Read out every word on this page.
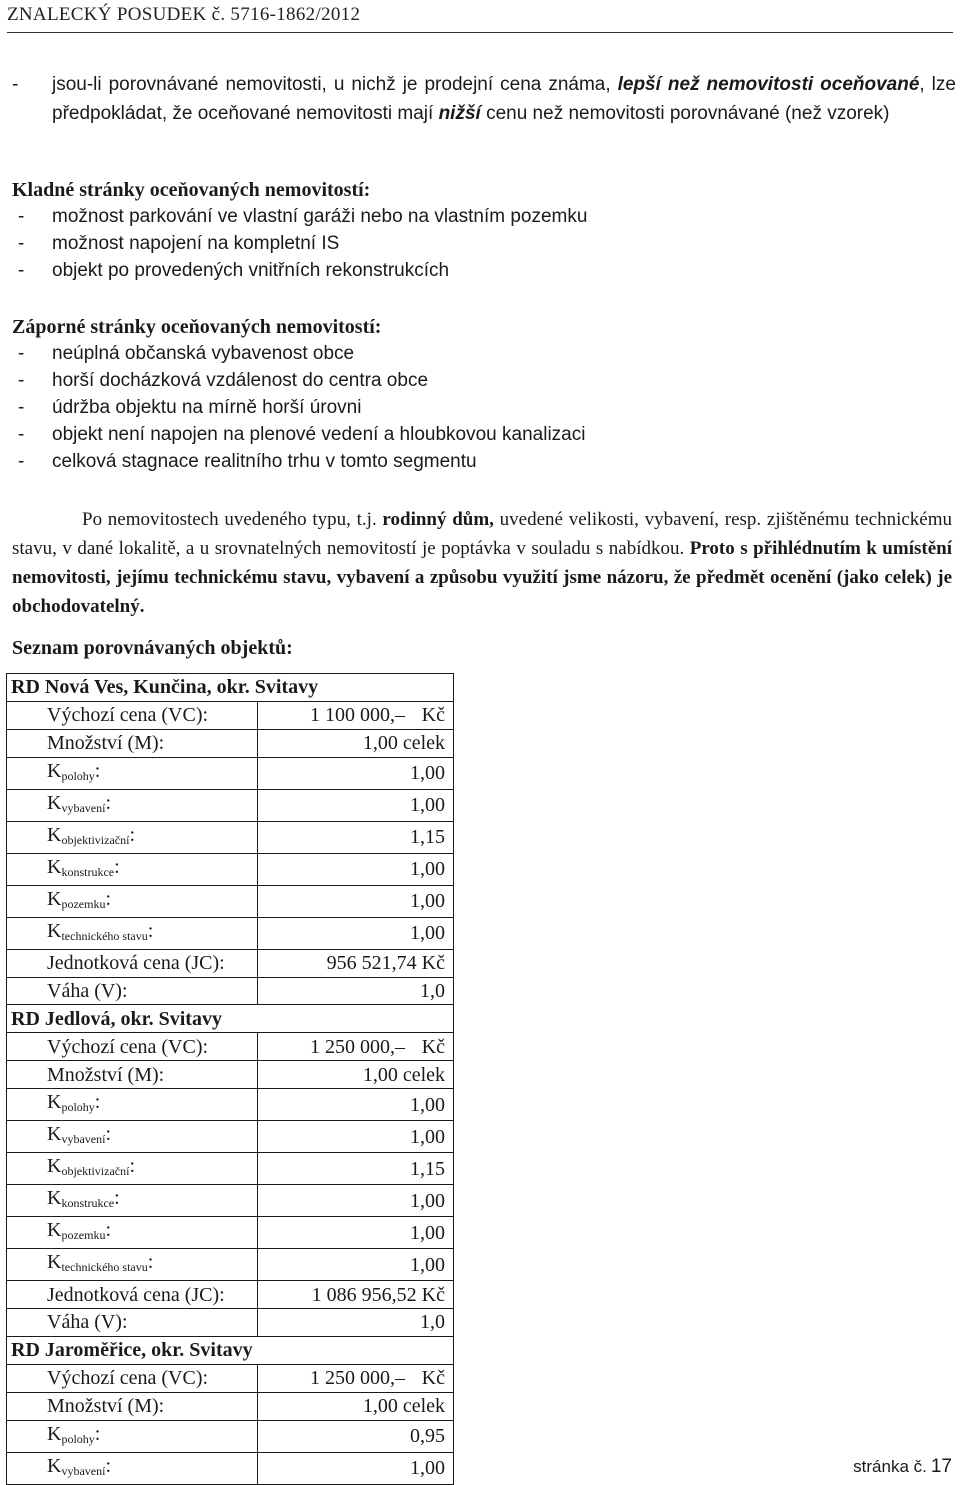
ZNALECKÝ POSUDEK č. 5716-1862/2012
- jsou-li porovnávané nemovitosti, u nichž je prodejní cena známa, lepší než nemovitosti oceňované, lze předpokládat, že oceňované nemovitosti mají nižší cenu než nemovitosti porovnávané (než vzorek)
Kladné stránky oceňovaných nemovitostí:
- možnost parkování ve vlastní garáži nebo na vlastním pozemku
- možnost napojení na kompletní IS
- objekt po provedených vnitřních rekonstrukcích
Záporné stránky oceňovaných nemovitostí:
- neúplná občanská vybavenost obce
- horší docházková vzdálenost do centra obce
- údržba objektu na mírně horší úrovni
- objekt není napojen na plenové vedení a hloubkovou kanalizaci
- celková stagnace realitního trhu v tomto segmentu
Po nemovitostech uvedeného typu, t.j. rodinný dům, uvedené velikosti, vybavení, resp. zjištěnému technickému stavu, v dané lokalitě, a u srovnatelných nemovitostí je poptávka v souladu s nabídkou. Proto s přihlédnutím k umístění nemovitosti, jejímu technickému stavu, vybavení a způsobu využití jsme názoru, že předmět ocenění (jako celek) je obchodovatelný.
Seznam porovnávaných objektů:
RD Nová Ves, Kunčina, okr. Svitavy	
Výchozí cena (VC):	1 100 000,– Kč
Množství (M):	1,00 celek
$K_{polohy}$:	1,00
$K_{vybavení}$:	1,00
$K_{objektivizační}$:	1,15
$K_{konstrukce}$:	1,00
$K_{pozemku}$:	1,00
$K_{technického stavu}$:	1,00
Jednotková cena (JC):	956 521,74 Kč
Váha (V):	1,0
RD Jedlová, okr. Svitavy	
Výchozí cena (VC):	1 250 000,– Kč
Množství (M):	1,00 celek
$K_{polohy}$:	1,00
$K_{vybavení}$:	1,00
$K_{objektivizační}$:	1,15
$K_{konstrukce}$:	1,00
$K_{pozemku}$:	1,00
$K_{technického stavu}$:	1,00
Jednotková cena (JC):	1 086 956,52 Kč
Váha (V):	1,0
RD Jaroměřice, okr. Svitavy	
Výchozí cena (VC):	1 250 000,– Kč
Množství (M):	1,00 celek
$K_{polohy}$:	0,95
$K_{vybavení}$:	1,00	stránka č. 17
